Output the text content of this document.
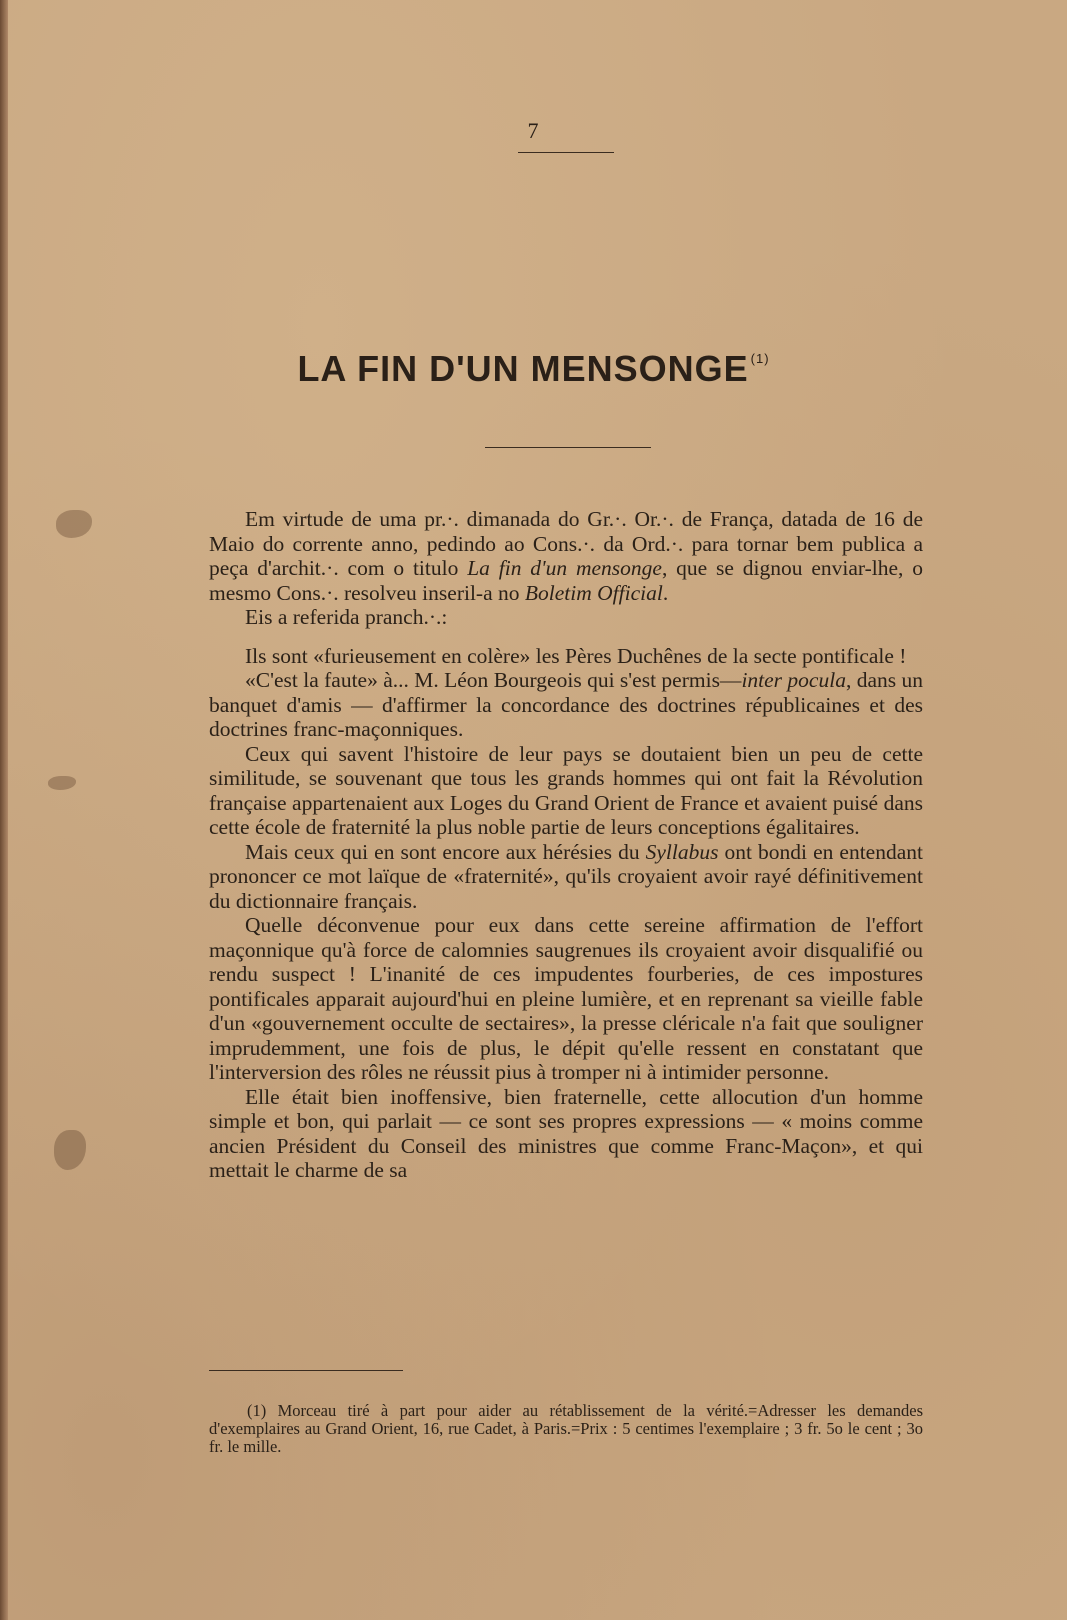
7
LA FIN D'UN MENSONGE $^{(1)}$

Em virtude de uma pr.·. dimanada do Gr.·. Or.·. de França, datada de 16 de Maio do corrente anno, pedindo ao Cons.·. da Ord.·. para tornar bem publica a peça d'archit.·. com o titulo La fin d'un mensonge, que se dignou enviar-lhe, o mesmo Cons.·. resolveu inseril-a no Boletim Official.

Eis a referida pranch.·.:

Ils sont «furieusement en colère» les Pères Duchênes de la secte pontificale !

«C'est la faute» à... M. Léon Bourgeois qui s'est permis—inter pocula, dans un banquet d'amis — d'affirmer la concordance des doctrines républicaines et des doctrines franc-maçonniques.

Ceux qui savent l'histoire de leur pays se doutaient bien un peu de cette similitude, se souvenant que tous les grands hommes qui ont fait la Révolution française appartenaient aux Loges du Grand Orient de France et avaient puisé dans cette école de fraternité la plus noble partie de leurs conceptions égalitaires.

Mais ceux qui en sont encore aux hérésies du Syllabus ont bondi en entendant prononcer ce mot laïque de «fraternité», qu'ils croyaient avoir rayé définitivement du dictionnaire français.

Quelle déconvenue pour eux dans cette sereine affirmation de l'effort maçonnique qu'à force de calomnies saugrenues ils croyaient avoir disqualifié ou rendu suspect ! L'inanité de ces impudentes fourberies, de ces impostures pontificales apparait aujourd'hui en pleine lumière, et en reprenant sa vieille fable d'un «gouvernement occulte de sectaires», la presse cléricale n'a fait que souligner imprudemment, une fois de plus, le dépit qu'elle ressent en constatant que l'interversion des rôles ne réussit pius à tromper ni à intimider personne.

Elle était bien inoffensive, bien fraternelle, cette allocution d'un homme simple et bon, qui parlait — ce sont ses propres expressions — « moins comme ancien Président du Conseil des ministres que comme Franc-Maçon», et qui mettait le charme de sa

(1) Morceau tiré à part pour aider au rétablissement de la vérité.=Adresser les demandes d'exemplaires au Grand Orient, 16, rue Cadet, à Paris.=Prix : 5 centimes l'exemplaire ; 3 fr. 5o le cent ; 3o fr. le mille.
